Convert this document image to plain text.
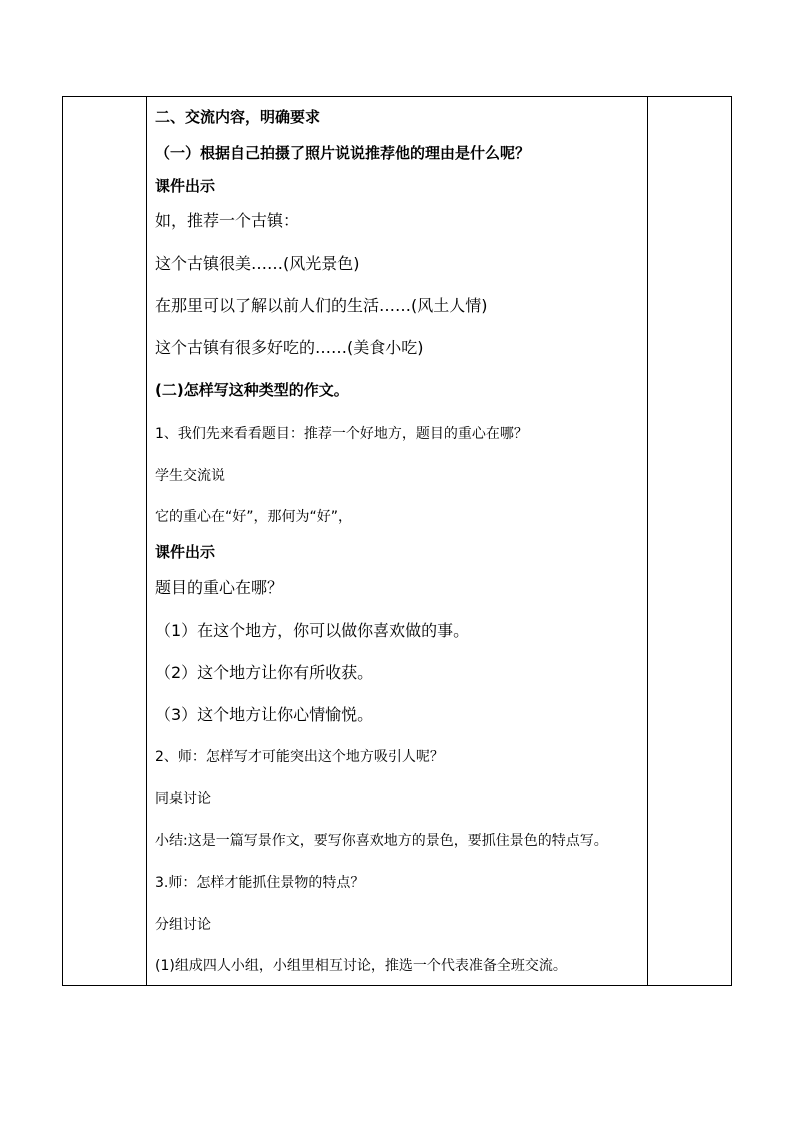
二、交流内容，明确要求
（一）根据自己拍摄了照片说说推荐他的理由是什么呢？
课件出示
如，推荐一个古镇：
这个古镇很美……(风光景色)
在那里可以了解以前人们的生活……(风土人情)
这个古镇有很多好吃的……(美食小吃)
(二)怎样写这种类型的作文。
1、我们先来看看题目：推荐一个好地方，题目的重心在哪？
学生交流说
它的重心在“好”，那何为“好”，
课件出示
题目的重心在哪？
（1）在这个地方，你可以做你喜欢做的事。
（2）这个地方让你有所收获。
（3）这个地方让你心情愉悦。
2、师：怎样写才可能突出这个地方吸引人呢？
同桌讨论
小结:这是一篇写景作文，要写你喜欢地方的景色，要抓住景色的特点写。
3.师：怎样才能抓住景物的特点？
分组讨论
(1)组成四人小组，小组里相互讨论，推选一个代表准备全班交流。
